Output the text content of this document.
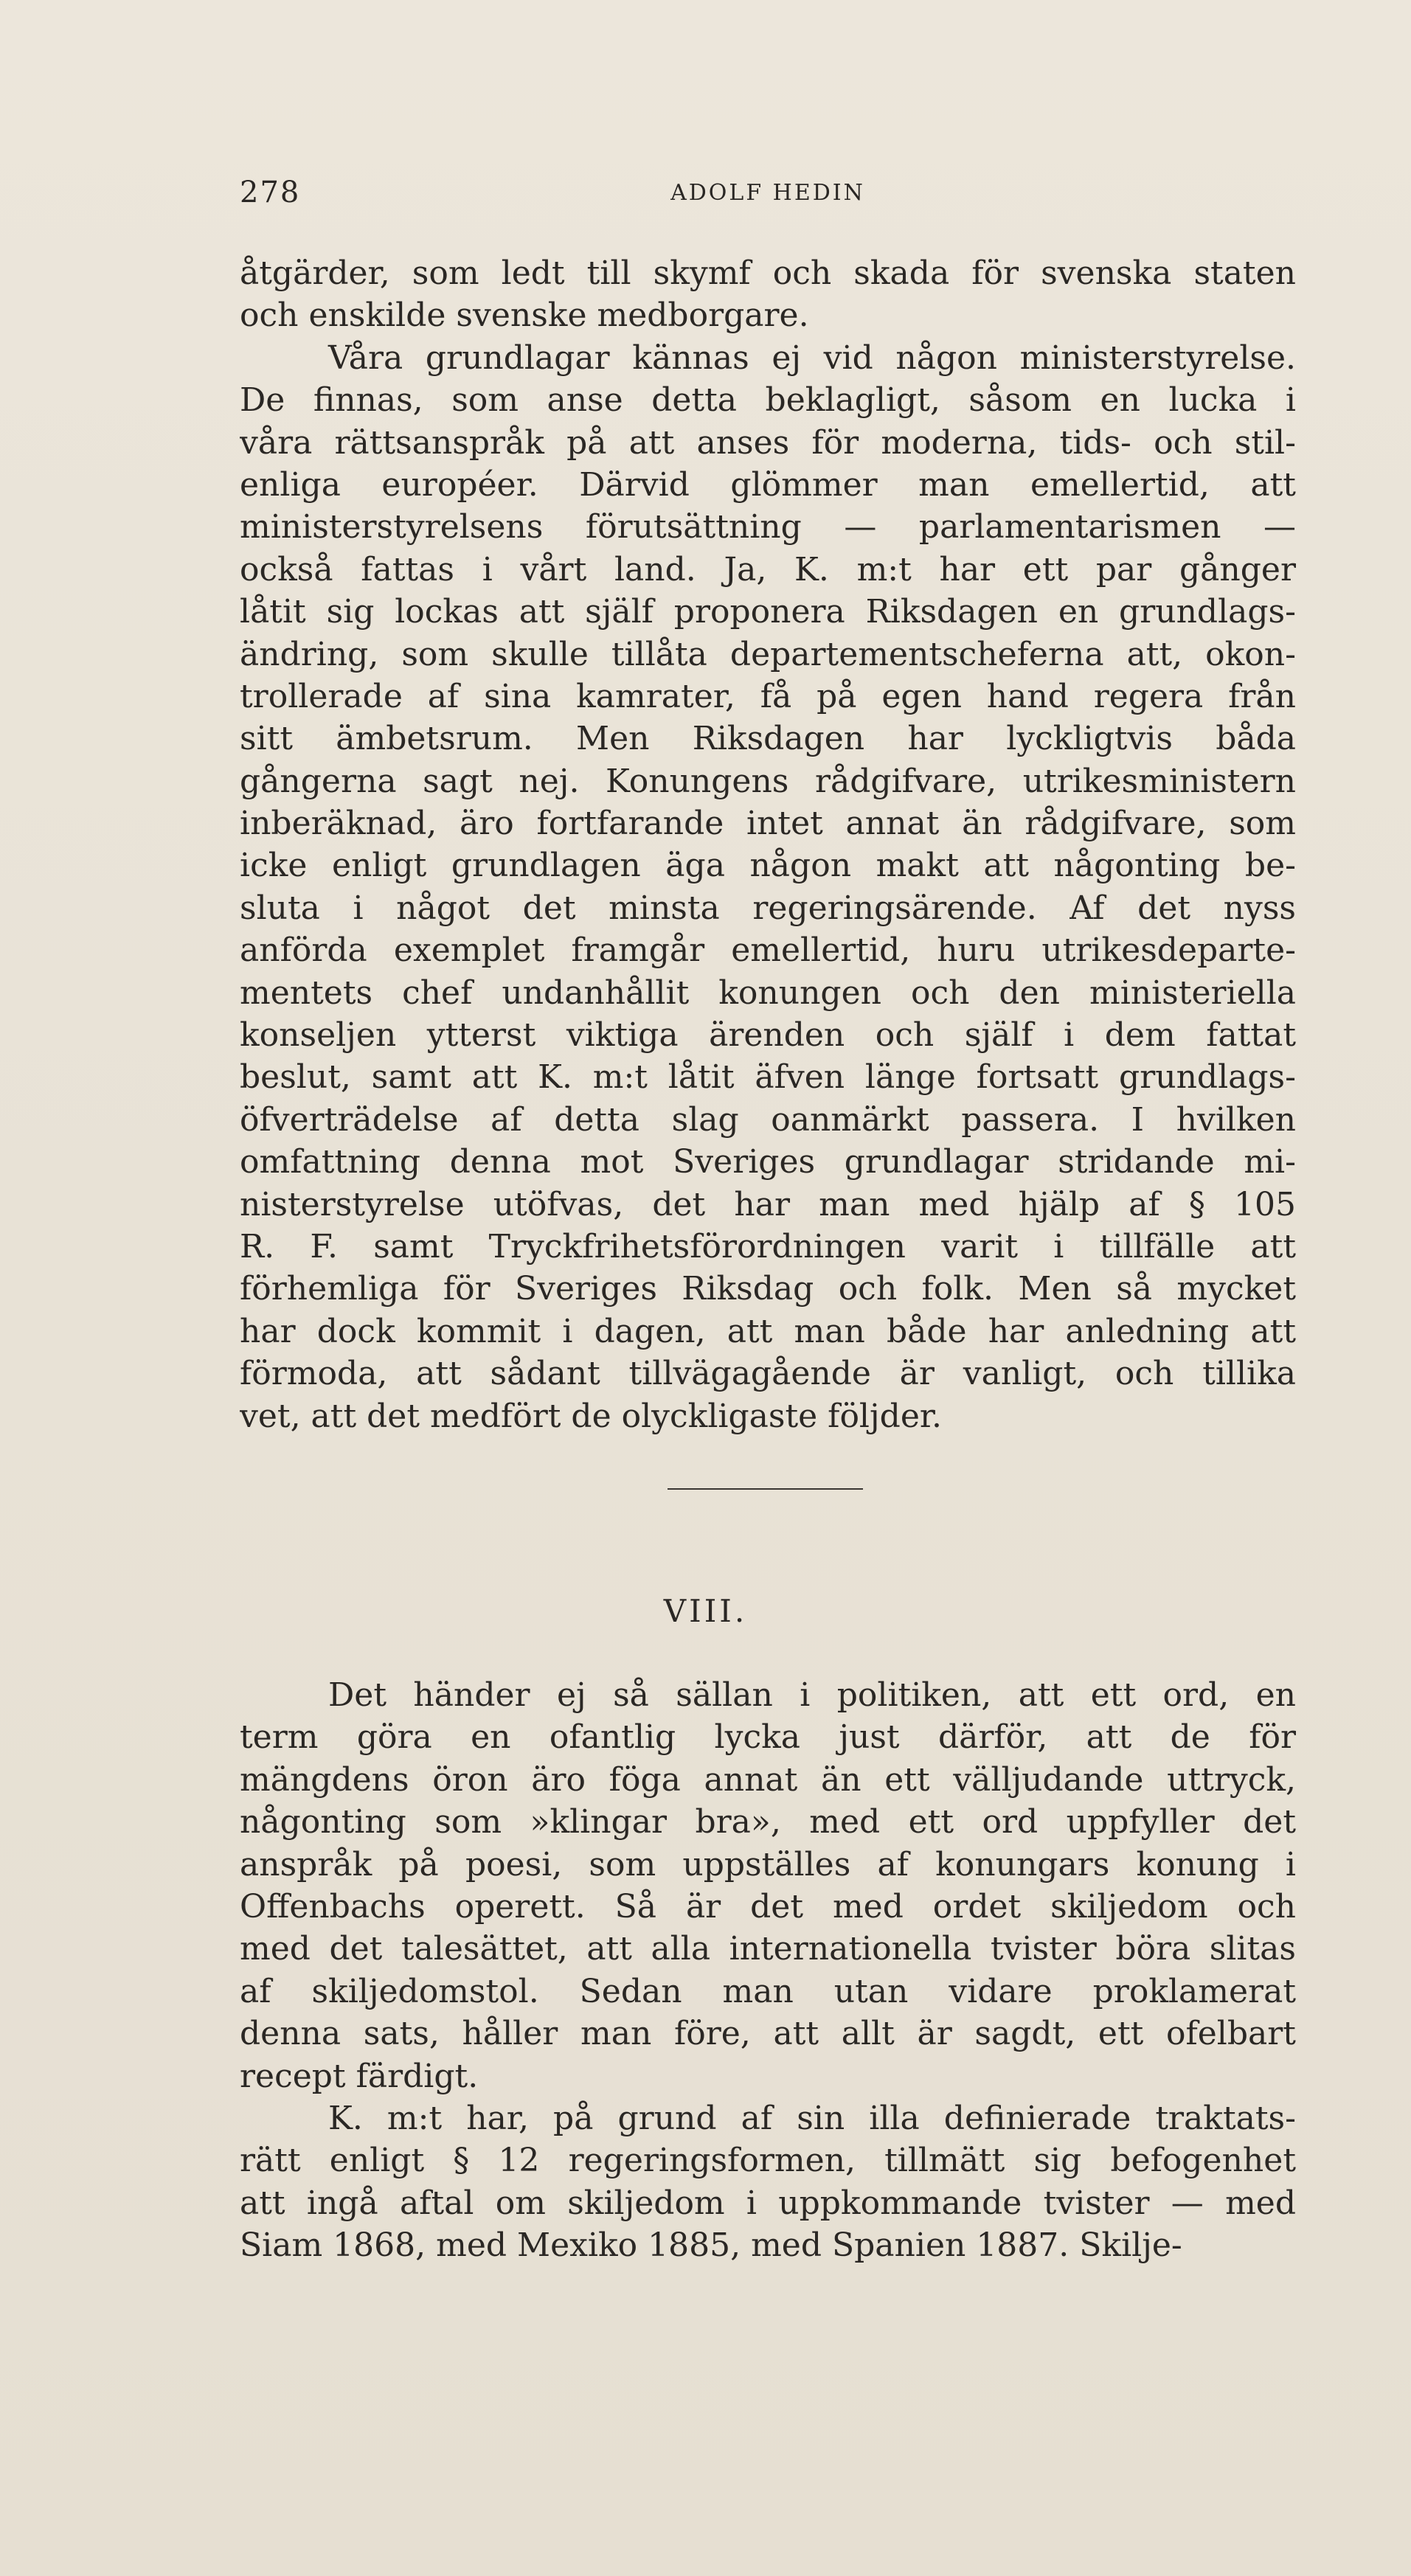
278	ADOLF HEDIN
åtgärder, som ledt till skymf och skada för svenska staten
och enskilde svenske medborgare.
Våra grundlagar kännas ej vid någon ministerstyrelse.
De finnas, som anse detta beklagligt, såsom en lucka i
våra rättsanspråk på att anses för moderna, tids- och stil-
enliga européer. Därvid glömmer man emellertid, att
ministerstyrelsens förutsättning — parlamentarismen —
också fattas i vårt land. Ja, K. m:t har ett par gånger
låtit sig lockas att själf proponera Riksdagen en grundlags-
ändring, som skulle tillåta departementscheferna att, okon-
trollerade af sina kamrater, få på egen hand regera från
sitt ämbetsrum. Men Riksdagen har lyckligtvis båda
gångerna sagt nej. Konungens rådgifvare, utrikesministern
inberäknad, äro fortfarande intet annat än rådgifvare, som
icke enligt grundlagen äga någon makt att någonting be-
sluta i något det minsta regeringsärende. Af det nyss
anförda exemplet framgår emellertid, huru utrikesdeparte-
mentets chef undanhållit konungen och den ministeriella
konseljen ytterst viktiga ärenden och själf i dem fattat
beslut, samt att K. m:t låtit äfven länge fortsatt grundlags-
öfverträdelse af detta slag oanmärkt passera. I hvilken
omfattning denna mot Sveriges grundlagar stridande mi-
nisterstyrelse utöfvas, det har man med hjälp af § 105
R. F. samt Tryckfrihetsförordningen varit i tillfälle att
förhemliga för Sveriges Riksdag och folk. Men så mycket
har dock kommit i dagen, att man både har anledning att
förmoda, att sådant tillvägagående är vanligt, och tillika
vet, att det medfört de olyckligaste följder.
VIII.
Det händer ej så sällan i politiken, att ett ord, en
term göra en ofantlig lycka just därför, att de för
mängdens öron äro föga annat än ett välljudande uttryck,
någonting som »klingar bra», med ett ord uppfyller det
anspråk på poesi, som uppställes af konungars konung i
Offenbachs operett. Så är det med ordet skiljedom och
med det talesättet, att alla internationella tvister böra slitas
af skiljedomstol. Sedan man utan vidare proklamerat
denna sats, håller man före, att allt är sagdt, ett ofelbart
recept färdigt.
K. m:t har, på grund af sin illa definierade traktats-
rätt enligt § 12 regeringsformen, tillmätt sig befogenhet
att ingå aftal om skiljedom i uppkommande tvister — med
Siam 1868, med Mexiko 1885, med Spanien 1887. Skilje-
